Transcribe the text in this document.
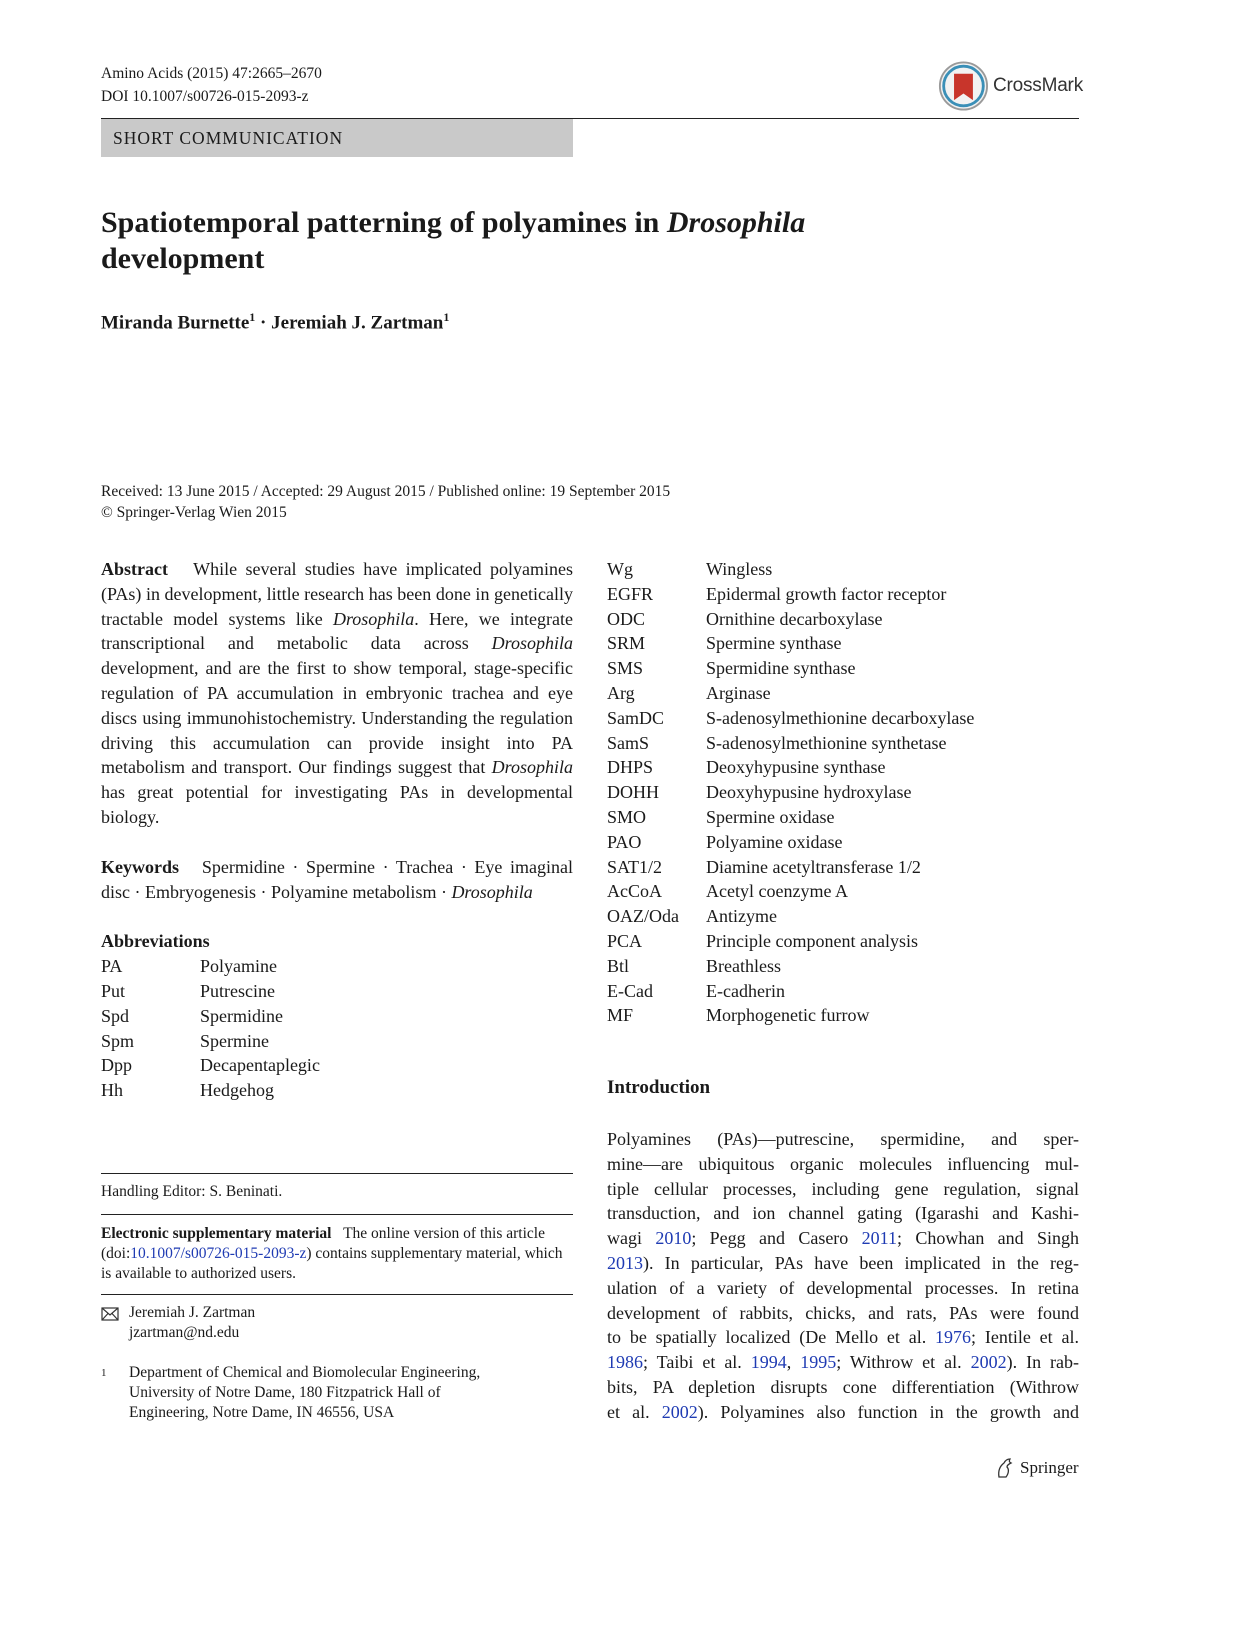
Amino Acids (2015) 47:2665–2670
DOI 10.1007/s00726-015-2093-z
CrossMark
SHORT COMMUNICATION
Spatiotemporal patterning of polyamines in Drosophila
development
Miranda Burnette$^1$ · Jeremiah J. Zartman$^1$
Received: 13 June 2015 / Accepted: 29 August 2015 / Published online: 19 September 2015
© Springer-Verlag Wien 2015

Abstract While several studies have implicated polyamines (PAs) in development, little research has been done in genetically tractable model systems like Drosophila. Here, we integrate transcriptional and metabolic data across Drosophila development, and are the first to show temporal, stage-specific regulation of PA accumulation in embryonic trachea and eye discs using immunohistochemistry. Understanding the regulation driving this accumulation can provide insight into PA metabolism and transport. Our findings suggest that Drosophila has great potential for investigating PAs in developmental biology.

Keywords Spermidine · Spermine · Trachea · Eye imaginal disc · Embryogenesis · Polyamine metabolism · Drosophila

Abbreviations
PA	Polyamine
Put	Putrescine
Spd	Spermidine
Spm	Spermine
Dpp	Decapentaplegic
Hh	Hedgehog
Wg	Wingless
EGFR	Epidermal growth factor receptor
ODC	Ornithine decarboxylase
SRM	Spermine synthase
SMS	Spermidine synthase
Arg	Arginase
SamDC	S-adenosylmethionine decarboxylase
SamS	S-adenosylmethionine synthetase
DHPS	Deoxyhypusine synthase
DOHH	Deoxyhypusine hydroxylase
SMO	Spermine oxidase
PAO	Polyamine oxidase
SAT1/2	Diamine acetyltransferase 1/2
AcCoA	Acetyl coenzyme A
OAZ/Oda	Antizyme
PCA	Principle component analysis
Btl	Breathless
E-Cad	E-cadherin
MF	Morphogenetic furrow
Introduction

Polyamines (PAs)—putrescine, spermidine, and sper-

mine—are ubiquitous organic molecules influencing mul-

tiple cellular processes, including gene regulation, signal

transduction, and ion channel gating (Igarashi and Kashi-

wagi 2010; Pegg and Casero 2011; Chowhan and Singh

2013). In particular, PAs have been implicated in the reg-

ulation of a variety of developmental processes. In retina

development of rabbits, chicks, and rats, PAs were found

to be spatially localized (De Mello et al. 1976; Ientile et al.

1986; Taibi et al. 1994, 1995; Withrow et al. 2002). In rab-

bits, PA depletion disrupts cone differentiation (Withrow

et al. 2002). Polyamines also function in the growth and

Handling Editor: S. Beninati.
Electronic supplementary material The online version of this article (doi:10.1007/s00726-015-2093-z) contains supplementary material, which is available to authorized users.
Jeremiah J. Zartman
jzartman@nd.edu
1	Department of Chemical and Biomolecular Engineering,
University of Notre Dame, 180 Fitzpatrick Hall of
Engineering, Notre Dame, IN 46556, USA
Springer
